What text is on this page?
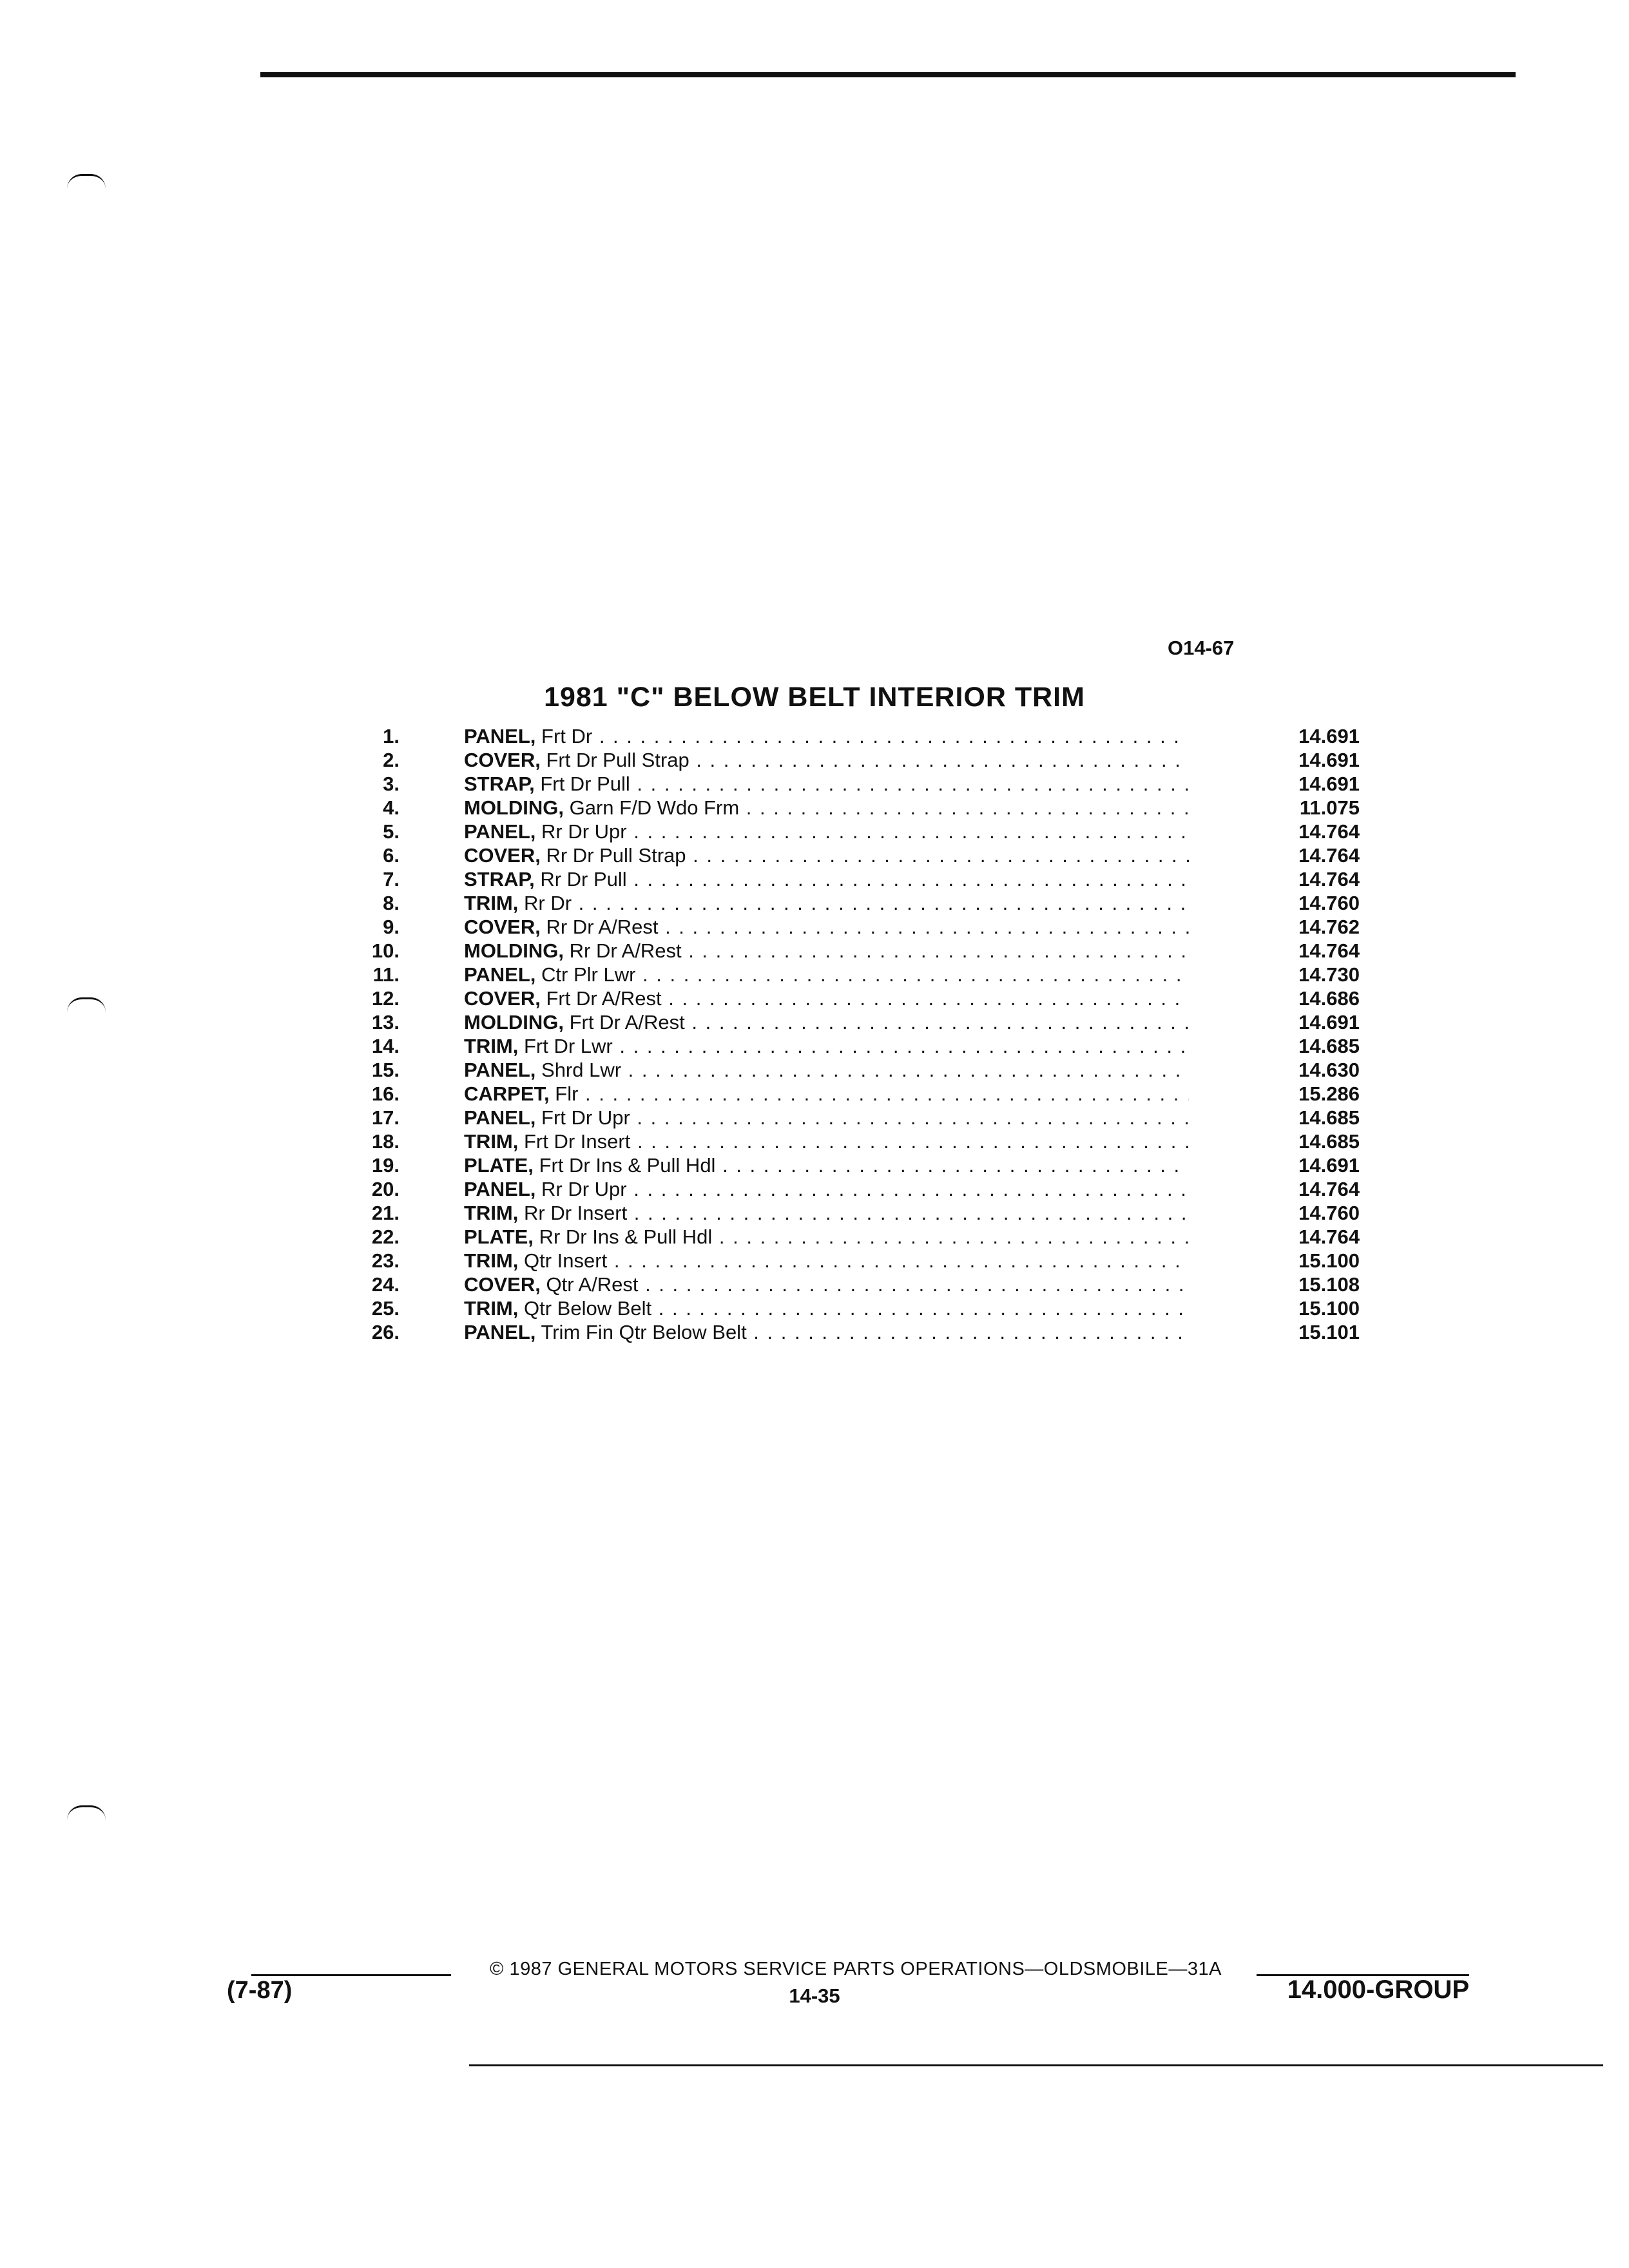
O14-67
1981 "C" BELOW BELT INTERIOR TRIM
1.	PANEL, Frt Dr . . .	14.691
2.	COVER, Frt Dr Pull Strap . . .	14.691
3.	STRAP, Frt Dr Pull . . .	14.691
4.	MOLDING, Garn F/D Wdo Frm . . .	11.075
5.	PANEL, Rr Dr Upr . . .	14.764
6.	COVER, Rr Dr Pull Strap . . .	14.764
7.	STRAP, Rr Dr Pull . . .	14.764
8.	TRIM, Rr Dr . . .	14.760
9.	COVER, Rr Dr A/Rest . . .	14.762
10.	MOLDING, Rr Dr A/Rest . . .	14.764
11.	PANEL, Ctr Plr Lwr . . .	14.730
12.	COVER, Frt Dr A/Rest . . .	14.686
13.	MOLDING, Frt Dr A/Rest . . .	14.691
14.	TRIM, Frt Dr Lwr . . .	14.685
15.	PANEL, Shrd Lwr . . .	14.630
16.	CARPET, Flr . . .	15.286
17.	PANEL, Frt Dr Upr . . .	14.685
18.	TRIM, Frt Dr Insert . . .	14.685
19.	PLATE, Frt Dr Ins & Pull Hdl . . .	14.691
20.	PANEL, Rr Dr Upr . . .	14.764
21.	TRIM, Rr Dr Insert . . .	14.760
22.	PLATE, Rr Dr Ins & Pull Hdl . . .	14.764
23.	TRIM, Qtr Insert . . .	15.100
24.	COVER, Qtr A/Rest . . .	15.108
25.	TRIM, Qtr Below Belt . . .	15.100
26.	PANEL, Trim Fin Qtr Below Belt . . .	15.101
© 1987 GENERAL MOTORS SERVICE PARTS OPERATIONS—OLDSMOBILE—31A
(7-87)	14-35	14.000-GROUP
